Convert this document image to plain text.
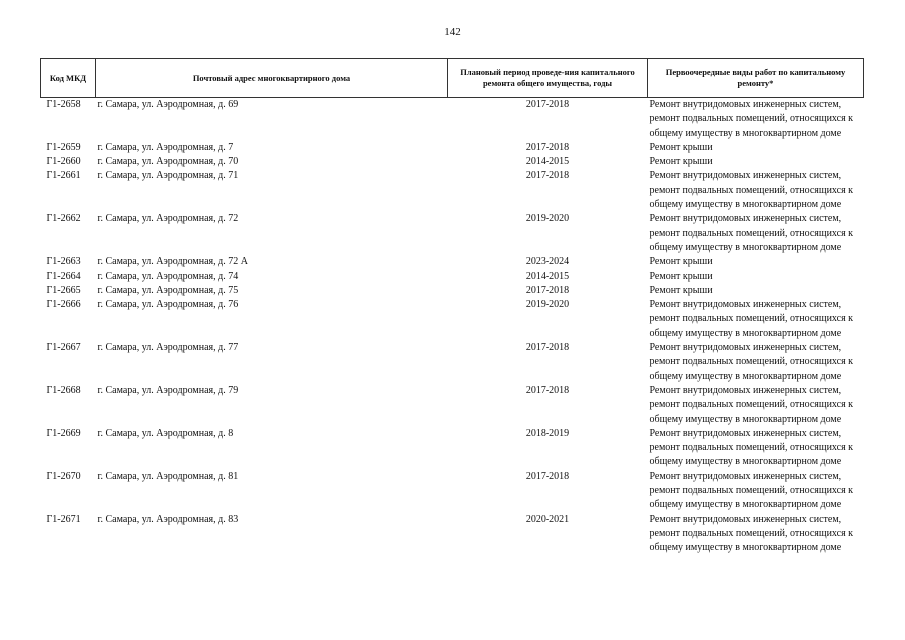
142
Код МКД	Почтовый адрес многоквартирного дома	Плановый период проведе-ния капитального ремонта общего имущества, годы	Первоочередные виды работ по капитальному ремонту*
Г1-2658	г. Самара, ул. Аэродромная, д. 69	2017-2018	Ремонт внутридомовых инженерных систем, ремонт подвальных помещений, относящихся к общему имуществу в многоквартирном доме
Г1-2659	г. Самара, ул. Аэродромная, д. 7	2017-2018	Ремонт крыши
Г1-2660	г. Самара, ул. Аэродромная, д. 70	2014-2015	Ремонт крыши
Г1-2661	г. Самара, ул. Аэродромная, д. 71	2017-2018	Ремонт внутридомовых инженерных систем, ремонт подвальных помещений, относящихся к общему имуществу в многоквартирном доме
Г1-2662	г. Самара, ул. Аэродромная, д. 72	2019-2020	Ремонт внутридомовых инженерных систем, ремонт подвальных помещений, относящихся к общему имуществу в многоквартирном доме
Г1-2663	г. Самара, ул. Аэродромная, д. 72 А	2023-2024	Ремонт крыши
Г1-2664	г. Самара, ул. Аэродромная, д. 74	2014-2015	Ремонт крыши
Г1-2665	г. Самара, ул. Аэродромная, д. 75	2017-2018	Ремонт крыши
Г1-2666	г. Самара, ул. Аэродромная, д. 76	2019-2020	Ремонт внутридомовых инженерных систем, ремонт подвальных помещений, относящихся к общему имуществу в многоквартирном доме
Г1-2667	г. Самара, ул. Аэродромная, д. 77	2017-2018	Ремонт внутридомовых инженерных систем, ремонт подвальных помещений, относящихся к общему имуществу в многоквартирном доме
Г1-2668	г. Самара, ул. Аэродромная, д. 79	2017-2018	Ремонт внутридомовых инженерных систем, ремонт подвальных помещений, относящихся к общему имуществу в многоквартирном доме
Г1-2669	г. Самара, ул. Аэродромная, д. 8	2018-2019	Ремонт внутридомовых инженерных систем, ремонт подвальных помещений, относящихся к общему имуществу в многоквартирном доме
Г1-2670	г. Самара, ул. Аэродромная, д. 81	2017-2018	Ремонт внутридомовых инженерных систем, ремонт подвальных помещений, относящихся к общему имуществу в многоквартирном доме
Г1-2671	г. Самара, ул. Аэродромная, д. 83	2020-2021	Ремонт внутридомовых инженерных систем, ремонт подвальных помещений, относящихся к общему имуществу в многоквартирном доме
